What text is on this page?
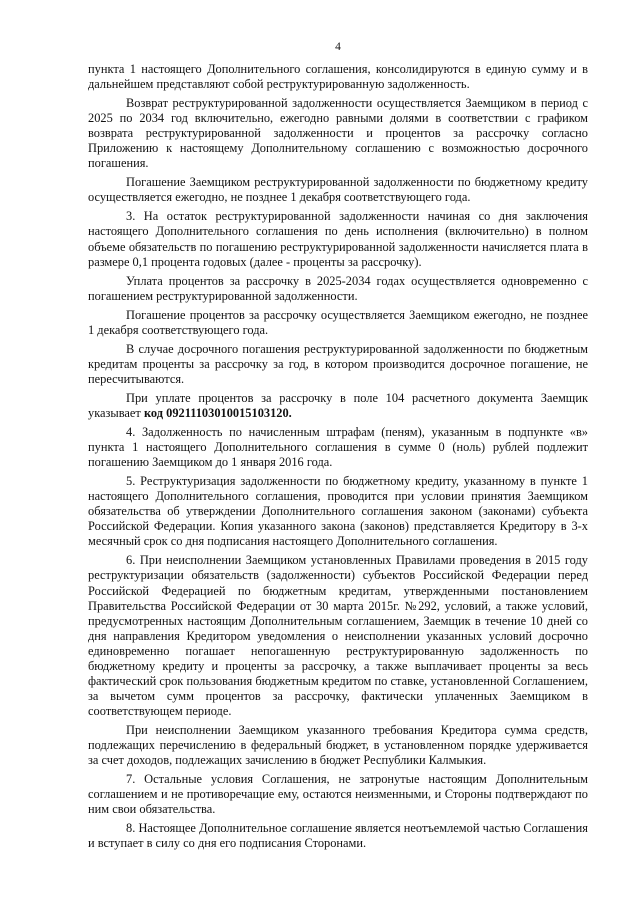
4

пункта 1 настоящего Дополнительного соглашения, консолидируются в единую сумму и в дальнейшем представляют собой реструктурированную задолженность.

Возврат реструктурированной задолженности осуществляется Заемщиком в период с 2025 по 2034 год включительно, ежегодно равными долями в соответствии с графиком возврата реструктурированной задолженности и процентов за рассрочку согласно Приложению к настоящему Дополнительному соглашению с возможностью досрочного погашения.

Погашение Заемщиком реструктурированной задолженности по бюджетному кредиту осуществляется ежегодно, не позднее 1 декабря соответствующего года.

3. На остаток реструктурированной задолженности начиная со дня заключения настоящего Дополнительного соглашения по день исполнения (включительно) в полном объеме обязательств по погашению реструктурированной задолженности начисляется плата в размере 0,1 процента годовых (далее - проценты за рассрочку).

Уплата процентов за рассрочку в 2025-2034 годах осуществляется одновременно с погашением реструктурированной задолженности.

Погашение процентов за рассрочку осуществляется Заемщиком ежегодно, не позднее 1 декабря соответствующего года.

В случае досрочного погашения реструктурированной задолженности по бюджетным кредитам проценты за рассрочку за год, в котором производится досрочное погашение, не пересчитываются.

При уплате процентов за рассрочку в поле 104 расчетного документа Заемщик указывает код 09211103010015103120.

4. Задолженность по начисленным штрафам (пеням), указанным в подпункте «в» пункта 1 настоящего Дополнительного соглашения в сумме 0 (ноль) рублей подлежит погашению Заемщиком до 1 января 2016 года.

5. Реструктуризация задолженности по бюджетному кредиту, указанному в пункте 1 настоящего Дополнительного соглашения, проводится при условии принятия Заемщиком обязательства об утверждении Дополнительного соглашения законом (законами) субъекта Российской Федерации. Копия указанного закона (законов) представляется Кредитору в 3-х месячный срок со дня подписания настоящего Дополнительного соглашения.

6. При неисполнении Заемщиком установленных Правилами проведения в 2015 году реструктуризации обязательств (задолженности) субъектов Российской Федерации перед Российской Федерацией по бюджетным кредитам, утвержденными постановлением Правительства Российской Федерации от 30 марта 2015г. №292, условий, а также условий, предусмотренных настоящим Дополнительным соглашением, Заемщик в течение 10 дней со дня направления Кредитором уведомления о неисполнении указанных условий досрочно единовременно погашает непогашенную реструктурированную задолженность по бюджетному кредиту и проценты за рассрочку, а также выплачивает проценты за весь фактический срок пользования бюджетным кредитом по ставке, установленной Соглашением, за вычетом сумм процентов за рассрочку, фактически уплаченных Заемщиком в соответствующем периоде.

При неисполнении Заемщиком указанного требования Кредитора сумма средств, подлежащих перечислению в федеральный бюджет, в установленном порядке удерживается за счет доходов, подлежащих зачислению в бюджет Республики Калмыкия.

7. Остальные условия Соглашения, не затронутые настоящим Дополнительным соглашением и не противоречащие ему, остаются неизменными, и Стороны подтверждают по ним свои обязательства.

8. Настоящее Дополнительное соглашение является неотъемлемой частью Соглашения и вступает в силу со дня его подписания Сторонами.
